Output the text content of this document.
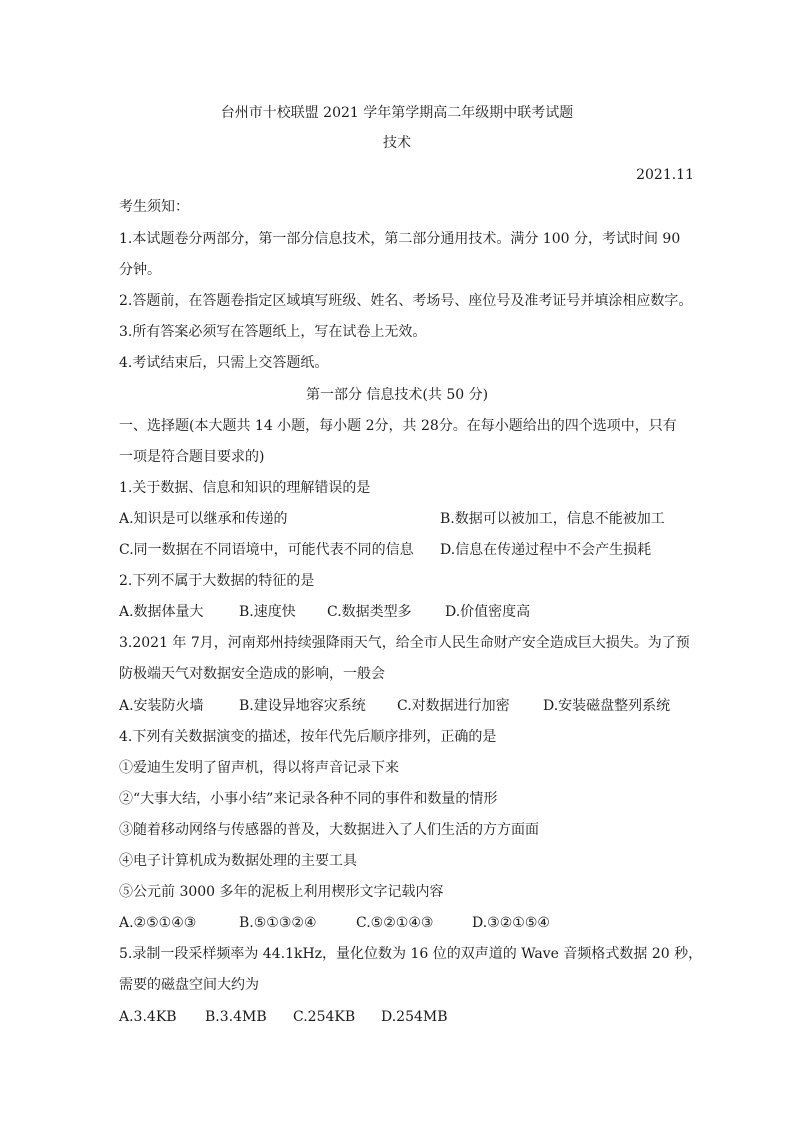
台州市十校联盟 2021 学年第学期高二年级期中联考试题
技术
2021.11
考生须知：
1.本试题卷分两部分，第一部分信息技术，第二部分通用技术。满分 100 分，考试时间 90
分钟。
2.答题前，在答题卷指定区域填写班级、姓名、考场号、座位号及准考证号并填涂相应数字。
3.所有答案必须写在答题纸上，写在试卷上无效。
4.考试结束后，只需上交答题纸。
第一部分 信息技术(共 50 分)
一、选择题(本大题共 14 小题，每小题 2分，共 28分。在每小题给出的四个选项中，只有
一项是符合题目要求的)
1.关于数据、信息和知识的理解错误的是
A.知识是可以继承和传递的	B.数据可以被加工，信息不能被加工
C.同一数据在不同语境中，可能代表不同的信息 D.信息在传递过程中不会产生损耗
2.下列不属于大数据的特征的是
A.数据体量大	B.速度快 C.数据类型多 D.价值密度高
3.2021 年 7月，河南郑州持续强降雨天气，给全市人民生命财产安全造成巨大损失。为了预
防极端天气对数据安全造成的影响，一般会
A.安装防火墙	B.建设异地容灾系统 C.对数据进行加密 D.安装磁盘整列系统
4.下列有关数据演变的描述，按年代先后顺序排列，正确的是
①爱迪生发明了留声机，得以将声音记录下来
②“大事大结，小事小结”来记录各种不同的事件和数量的情形
③随着移动网络与传感器的普及，大数据进入了人们生活的方方面面
④电子计算机成为数据处理的主要工具
⑤公元前 3000 多年的泥板上利用楔形文字记载内容
A.②⑤①④③	B.⑤①③②④	C.⑤②①④③	D.③②①⑤④
5.录制一段采样频率为 44.1kHz，量化位数为 16 位的双声道的 Wave 音频格式数据 20 秒，
需要的磁盘空间大约为
A.3.4KB B.3.4MB C.254KB D.254MB
